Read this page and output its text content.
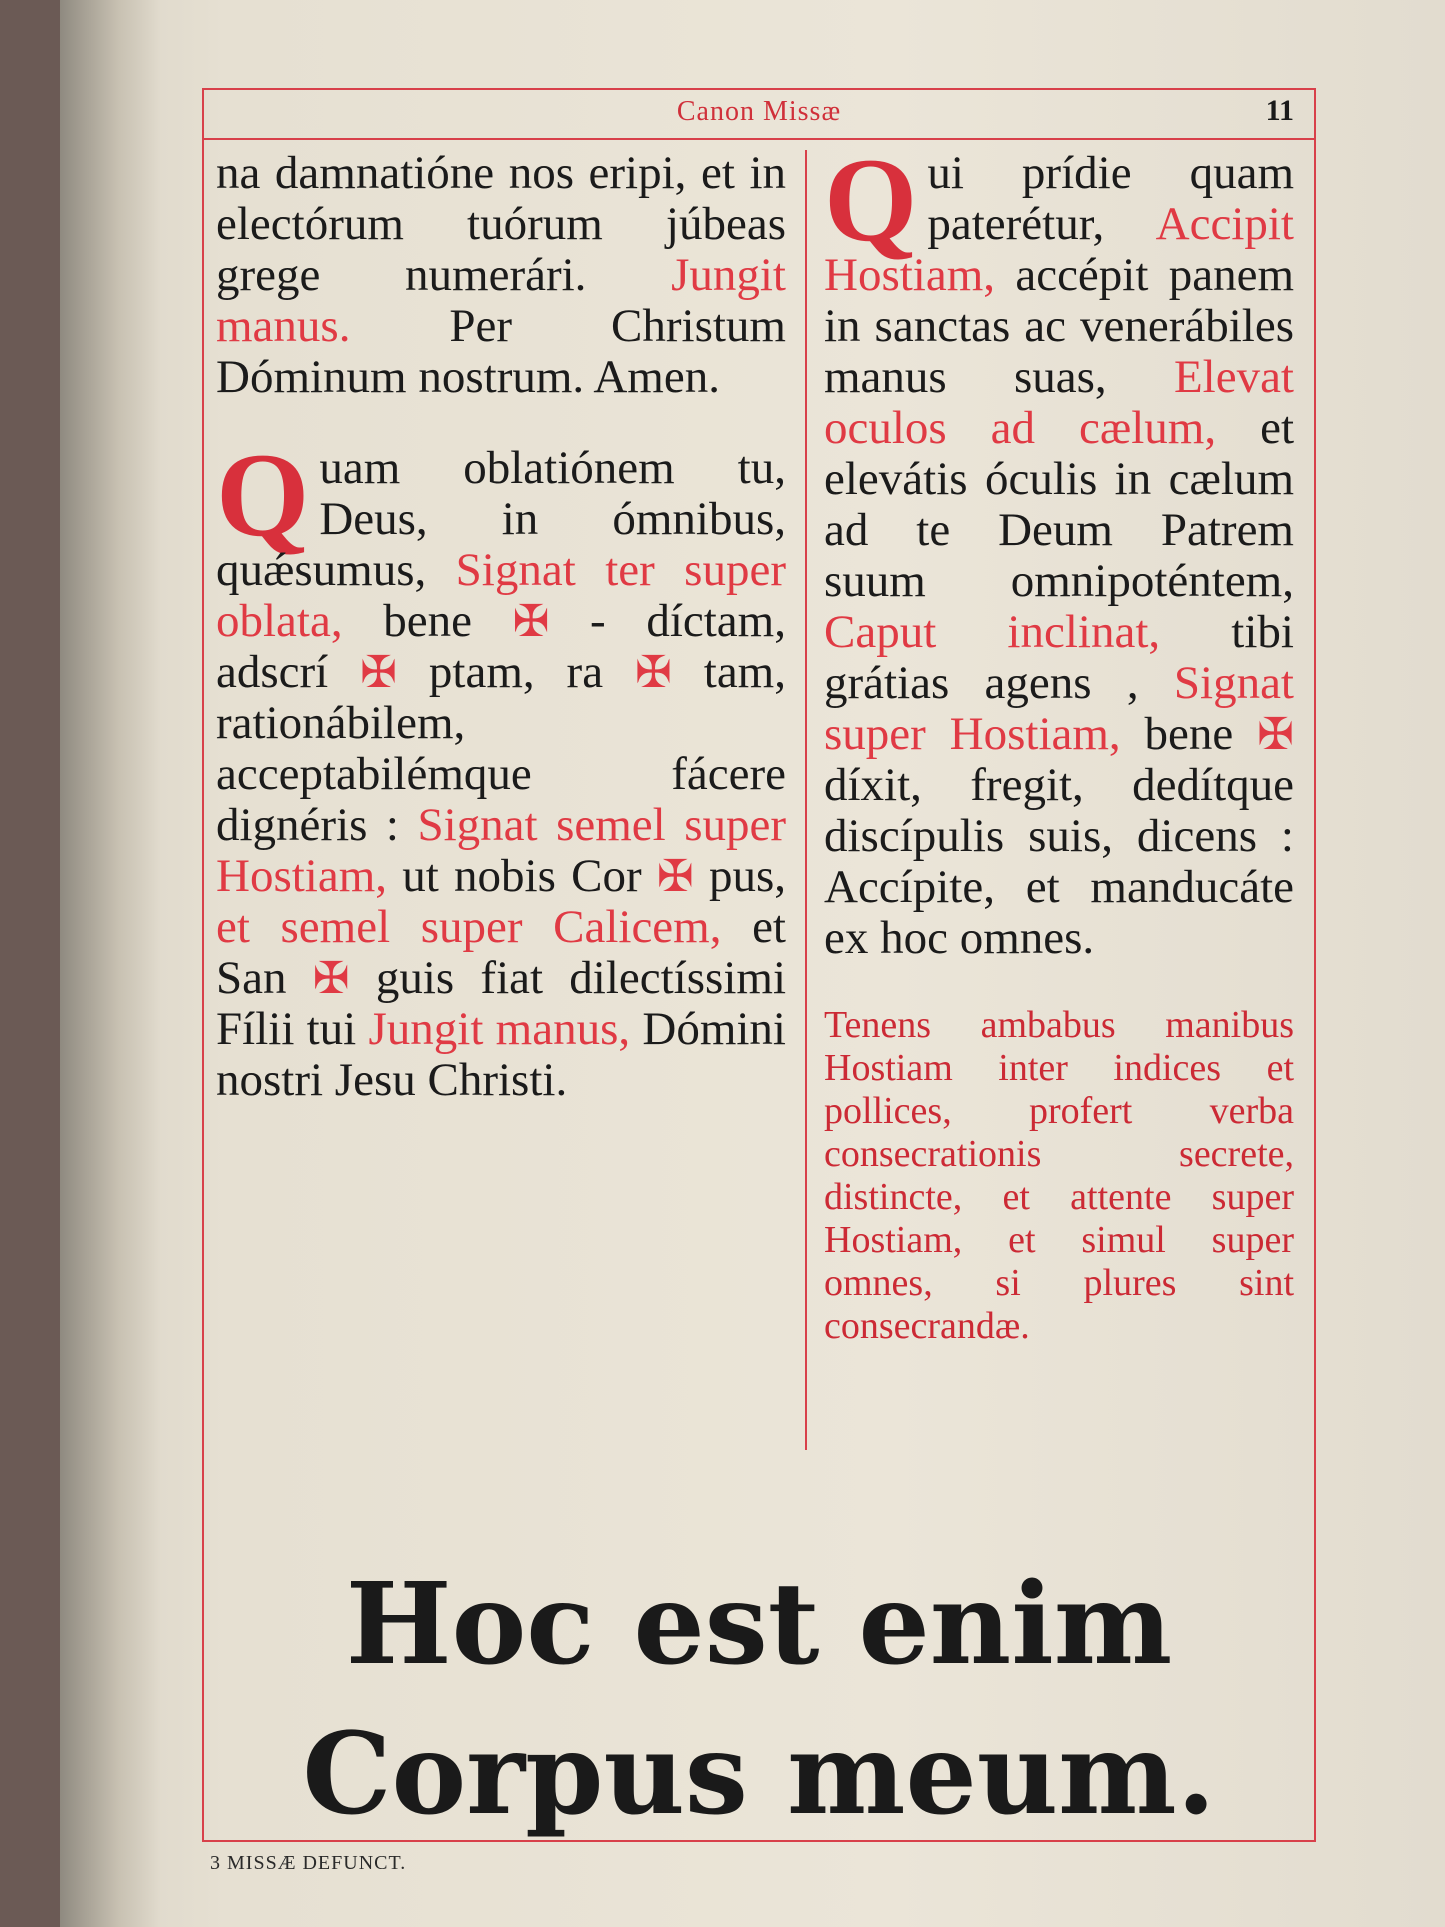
Canon Missæ	11

na damnatióne nos eripi, et in electórum tuórum júbeas grege numerári. Jungit manus. Per Christum Dóminum nostrum. Amen.

Quam oblatiónem tu, Deus, in ómnibus, quǽsumus, Signat ter super oblata, bene ✠ - díctam, adscrí ✠ ptam, ra ✠ tam, rationábilem, acceptabilémque fácere dignéris : Signat semel super Hostiam, ut nobis Cor ✠ pus, et semel super Calicem, et San ✠ guis fiat dilectíssimi Fílii tui Jungit manus, Dómini nostri Jesu Christi.

Qui prídie quam paterétur, Accipit Hostiam, accépit panem in sanctas ac venerábiles manus suas, Elevat oculos ad cælum, et elevátis óculis in cælum ad te Deum Patrem suum omnipoténtem, Caput inclinat, tibi grátias agens , Signat super Hostiam, bene ✠ díxit, fregit, dedítque discípulis suis, dicens : Accípite, et manducáte ex hoc omnes.

Tenens ambabus manibus Hostiam inter indices et pollices, profert verba consecrationis secrete, distincte, et attente super Hostiam, et simul super omnes, si plures sint consecrandæ.
Hoc est enim
Corpus meum.
3 MISSÆ DEFUNCT.
